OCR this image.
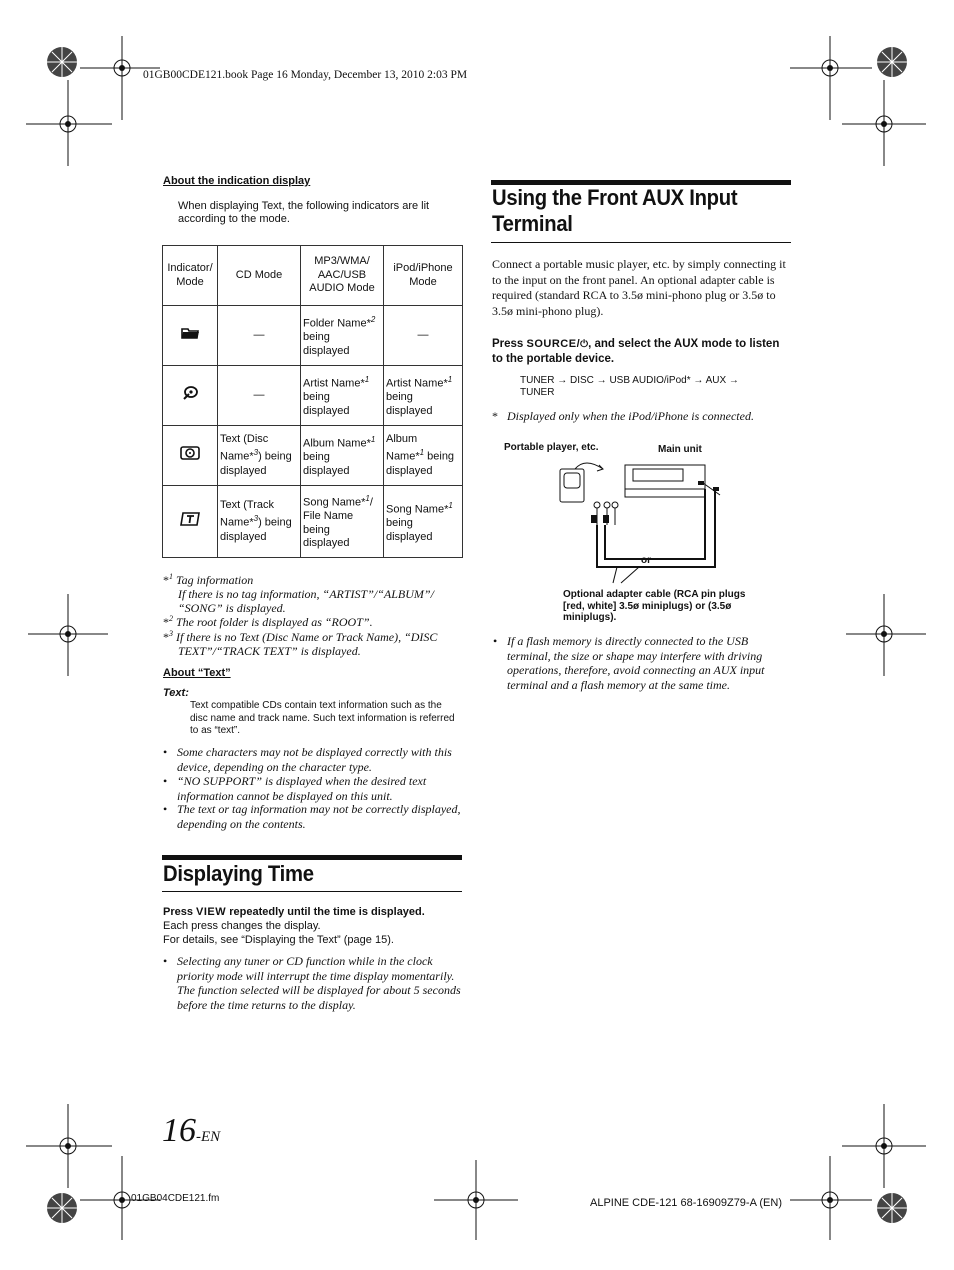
01GB00CDE121.book Page 16 Monday, December 13, 2010 2:03 PM
About the indication display
When displaying Text, the following indicators are lit according to the mode.
Indicator/
Mode	CD Mode	MP3/WMA/
AAC/USB
AUDIO Mode	iPod/iPhone
Mode
	—	Folder Name*$^2$
being
displayed	—
	—	Artist Name*$^1$
being
displayed	Artist Name*$^1$
being
displayed
	Text (Disc
Name*$^3$) being
displayed	Album Name*$^1$
being
displayed	Album
Name*$^1$ being
displayed
	Text (Track
Name*$^3$) being
displayed	Song Name*$^1$/
File Name
being
displayed	Song Name*$^1$
being
displayed
*$^1$ Tag information
If there is no tag information, “ARTIST”/“ALBUM”/ “SONG” is displayed.
*$^2$ The root folder is displayed as “ROOT”.
*$^3$ If there is no Text (Disc Name or Track Name), “DISC TEXT”/“TRACK TEXT” is displayed.
About “Text”
Text:
Text compatible CDs contain text information such as the disc name and track name. Such text information is referred to as “text”.
• Some characters may not be displayed correctly with this device, depending on the character type.
• “NO SUPPORT” is displayed when the desired text information cannot be displayed on this unit.
• The text or tag information may not be correctly displayed, depending on the contents.
Displaying Time
Press VIEW repeatedly until the time is displayed.
Each press changes the display.
For details, see “Displaying the Text” (page 15).
• Selecting any tuner or CD function while in the clock priority mode will interrupt the time display momentarily. The function selected will be displayed for about 5 seconds before the time returns to the display.
Using the Front AUX Input
Terminal
Connect a portable music player, etc. by simply connecting it to the input on the front panel. An optional adapter cable is required (standard RCA to 3.5ø mini-phono plug or 3.5ø to 3.5ø mini-phono plug).
Press SOURCE/⏻, and select the AUX mode to listen to the portable device.
TUNER → DISC → USB AUDIO/iPod* → AUX →
TUNER
* Displayed only when the iPod/iPhone is connected.
Portable player, etc.	Main unit
or
Optional adapter cable (RCA pin plugs [red, white] 3.5ø miniplugs) or (3.5ø miniplugs).
• If a flash memory is directly connected to the USB terminal, the size or shape may interfere with driving operations, therefore, avoid connecting an AUX input terminal and a flash memory at the same time.
16-EN
01GB04CDE121.fm	ALPINE CDE-121 68-16909Z79-A (EN)
